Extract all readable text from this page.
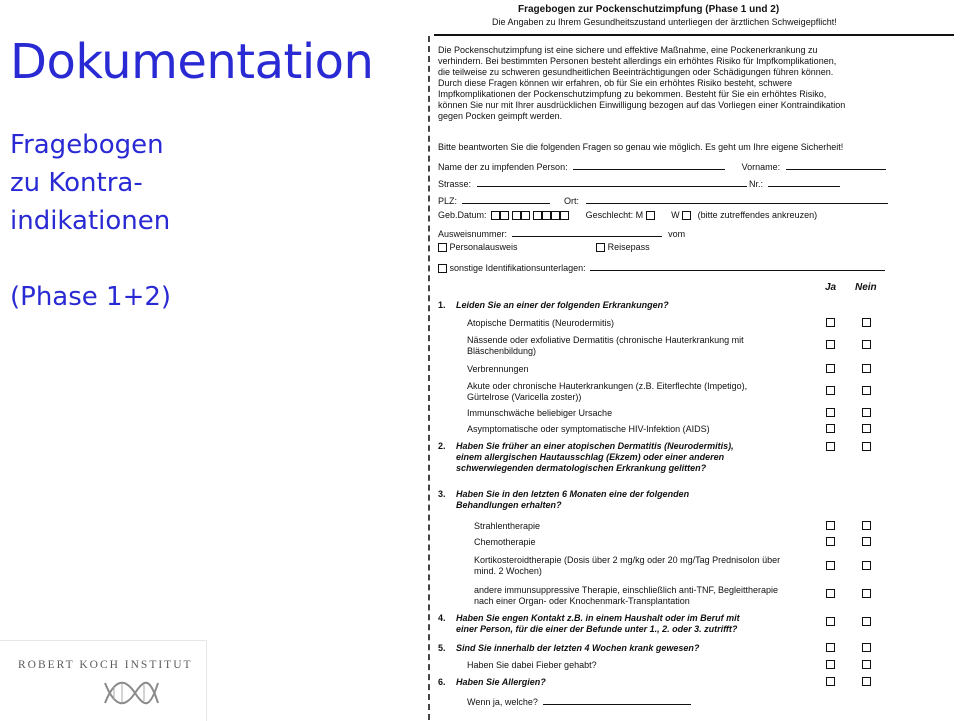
Dokumentation
Fragebogen
zu Kontra-
indikationen
(Phase 1+2)
ROBERT KOCH INSTITUT
Fragebogen zur Pockenschutzimpfung (Phase 1 und 2)
Die Angaben zu Ihrem Gesundheitszustand unterliegen der ärztlichen Schweigepflicht!
Die Pockenschutzimpfung ist eine sichere und effektive Maßnahme, eine Pockenerkrankung zu
verhindern. Bei bestimmten Personen besteht allerdings ein erhöhtes Risiko für Impfkomplikationen,
die teilweise zu schweren gesundheitlichen Beeinträchtigungen oder Schädigungen führen können.
Durch diese Fragen können wir erfahren, ob für Sie ein erhöhtes Risiko besteht, schwere
Impfkomplikationen der Pockenschutzimpfung zu bekommen. Besteht für Sie ein erhöhtes Risiko,
können Sie nur mit Ihrer ausdrücklichen Einwilligung bezogen auf das Vorliegen einer Kontraindikation
gegen Pocken geimpft werden.
Bitte beantworten Sie die folgenden Fragen so genau wie möglich. Es geht um Ihre eigene Sicherheit!
Name der zu impfenden Person:	Vorname:
Strasse:	Nr.:
PLZ:	Ort:
Geb.Datum:	Geschlecht: M	W (bitte zutreffendes ankreuzen)
Ausweisnummer:	vom
Personalausweis	Reisepass
sonstige Identifikationsunterlagen:
Ja Nein
1. Leiden Sie an einer der folgenden Erkrankungen?
Atopische Dermatitis (Neurodermitis)
Nässende oder exfoliative Dermatitis (chronische Hauterkrankung mit
Bläschenbildung)
Verbrennungen
Akute oder chronische Hauterkrankungen (z.B. Eiterflechte (Impetigo),
Gürtelrose (Varicella zoster))
Immunschwäche beliebiger Ursache
Asymptomatische oder symptomatische HIV-Infektion (AIDS)
2. Haben Sie früher an einer atopischen Dermatitis (Neurodermitis),
einem allergischen Hautausschlag (Ekzem) oder einer anderen
schwerwiegenden dermatologischen Erkrankung gelitten?
3. Haben Sie in den letzten 6 Monaten eine der folgenden
Behandlungen erhalten?
Strahlentherapie
Chemotherapie
Kortikosteroidtherapie (Dosis über 2 mg/kg oder 20 mg/Tag Prednisolon über
mind. 2 Wochen)
andere immunsuppressive Therapie, einschließlich anti-TNF, Begleittherapie
nach einer Organ- oder Knochenmark-Transplantation
4. Haben Sie engen Kontakt z.B. in einem Haushalt oder im Beruf mit
einer Person, für die einer der Befunde unter 1., 2. oder 3. zutrifft?
5. Sind Sie innerhalb der letzten 4 Wochen krank gewesen?
Haben Sie dabei Fieber gehabt?
6. Haben Sie Allergien?
Wenn ja, welche?
